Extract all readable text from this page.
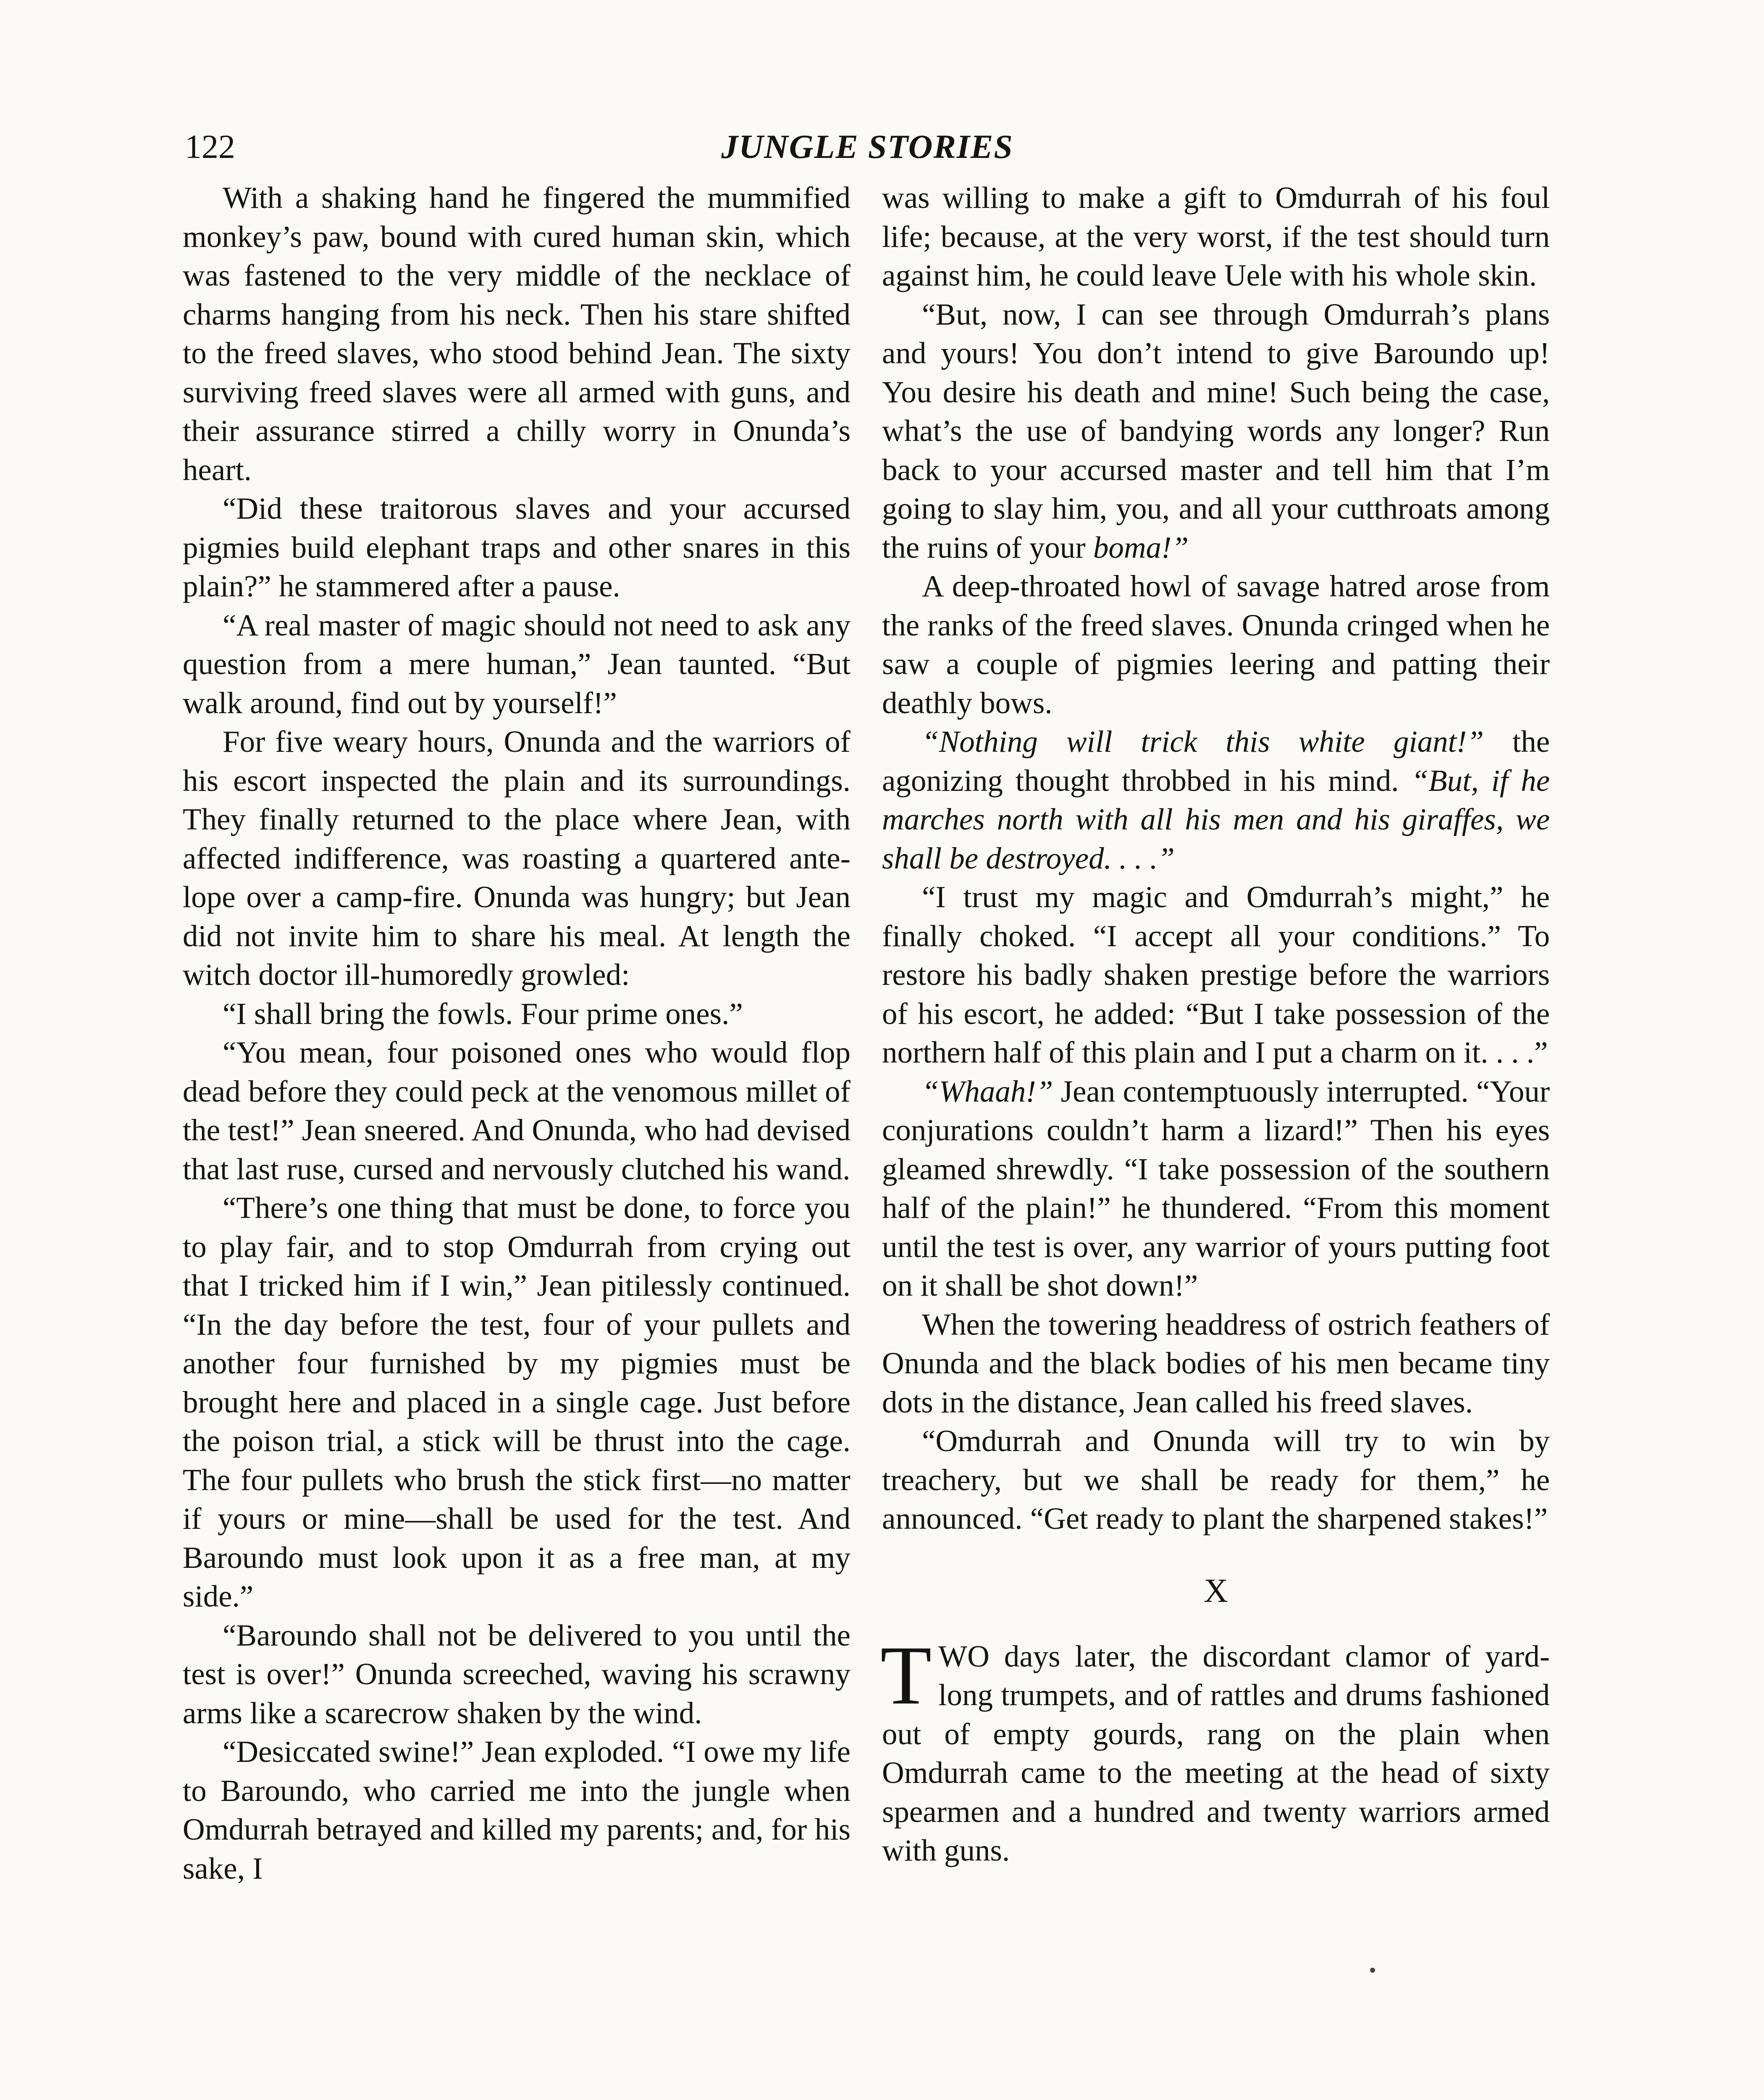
122	JUNGLE STORIES

With a shaking hand he fingered the mummified monkey’s paw, bound with cured human skin, which was fastened to the very middle of the necklace of charms hanging from his neck. Then his stare shifted to the freed slaves, who stood behind Jean. The sixty surviving freed slaves were all armed with guns, and their assurance stirred a chilly worry in Onunda’s heart.

“Did these traitorous slaves and your accursed pigmies build elephant traps and other snares in this plain?” he stammered after a pause.

“A real master of magic should not need to ask any question from a mere human,” Jean taunted. “But walk around, find out by yourself!”

For five weary hours, Onunda and the warriors of his escort inspected the plain and its surroundings. They finally returned to the place where Jean, with affected indifference, was roasting a quartered antelope over a camp-fire. Onunda was hungry; but Jean did not invite him to share his meal. At length the witch doctor ill-humoredly growled:

“I shall bring the fowls. Four prime ones.”

“You mean, four poisoned ones who would flop dead before they could peck at the venomous millet of the test!” Jean sneered. And Onunda, who had devised that last ruse, cursed and nervously clutched his wand.

“There’s one thing that must be done, to force you to play fair, and to stop Omdurrah from crying out that I tricked him if I win,” Jean pitilessly continued. “In the day before the test, four of your pullets and another four furnished by my pigmies must be brought here and placed in a single cage. Just before the poison trial, a stick will be thrust into the cage. The four pullets who brush the stick first—no matter if yours or mine—shall be used for the test. And Baroundo must look upon it as a free man, at my side.”

“Baroundo shall not be delivered to you until the test is over!” Onunda screeched, waving his scrawny arms like a scarecrow shaken by the wind.

“Desiccated swine!” Jean exploded. “I owe my life to Baroundo, who carried me into the jungle when Omdurrah betrayed and killed my parents; and, for his sake, I

was willing to make a gift to Omdurrah of his foul life; because, at the very worst, if the test should turn against him, he could leave Uele with his whole skin.

“But, now, I can see through Omdurrah’s plans and yours! You don’t intend to give Baroundo up! You desire his death and mine! Such being the case, what’s the use of bandying words any longer? Run back to your accursed master and tell him that I’m going to slay him, you, and all your cutthroats among the ruins of your boma!”

A deep-throated howl of savage hatred arose from the ranks of the freed slaves. Onunda cringed when he saw a couple of pigmies leering and patting their deathly bows.

“Nothing will trick this white giant!” the agonizing thought throbbed in his mind. “But, if he marches north with all his men and his giraffes, we shall be destroyed. . . .”

“I trust my magic and Omdurrah’s might,” he finally choked. “I accept all your conditions.” To restore his badly shaken prestige before the warriors of his escort, he added: “But I take possession of the northern half of this plain and I put a charm on it. . . .”

“Whaah!” Jean contemptuously interrupted. “Your conjurations couldn’t harm a lizard!” Then his eyes gleamed shrewdly. “I take possession of the southern half of the plain!” he thundered. “From this moment until the test is over, any warrior of yours putting foot on it shall be shot down!”

When the towering headdress of ostrich feathers of Onunda and the black bodies of his men became tiny dots in the distance, Jean called his freed slaves.

“Omdurrah and Onunda will try to win by treachery, but we shall be ready for them,” he announced. “Get ready to plant the sharpened stakes!”

X

TWO days later, the discordant clamor of yard-long trumpets, and of rattles and drums fashioned out of empty gourds, rang on the plain when Omdurrah came to the meeting at the head of sixty spearmen and a hundred and twenty warriors armed with guns.
